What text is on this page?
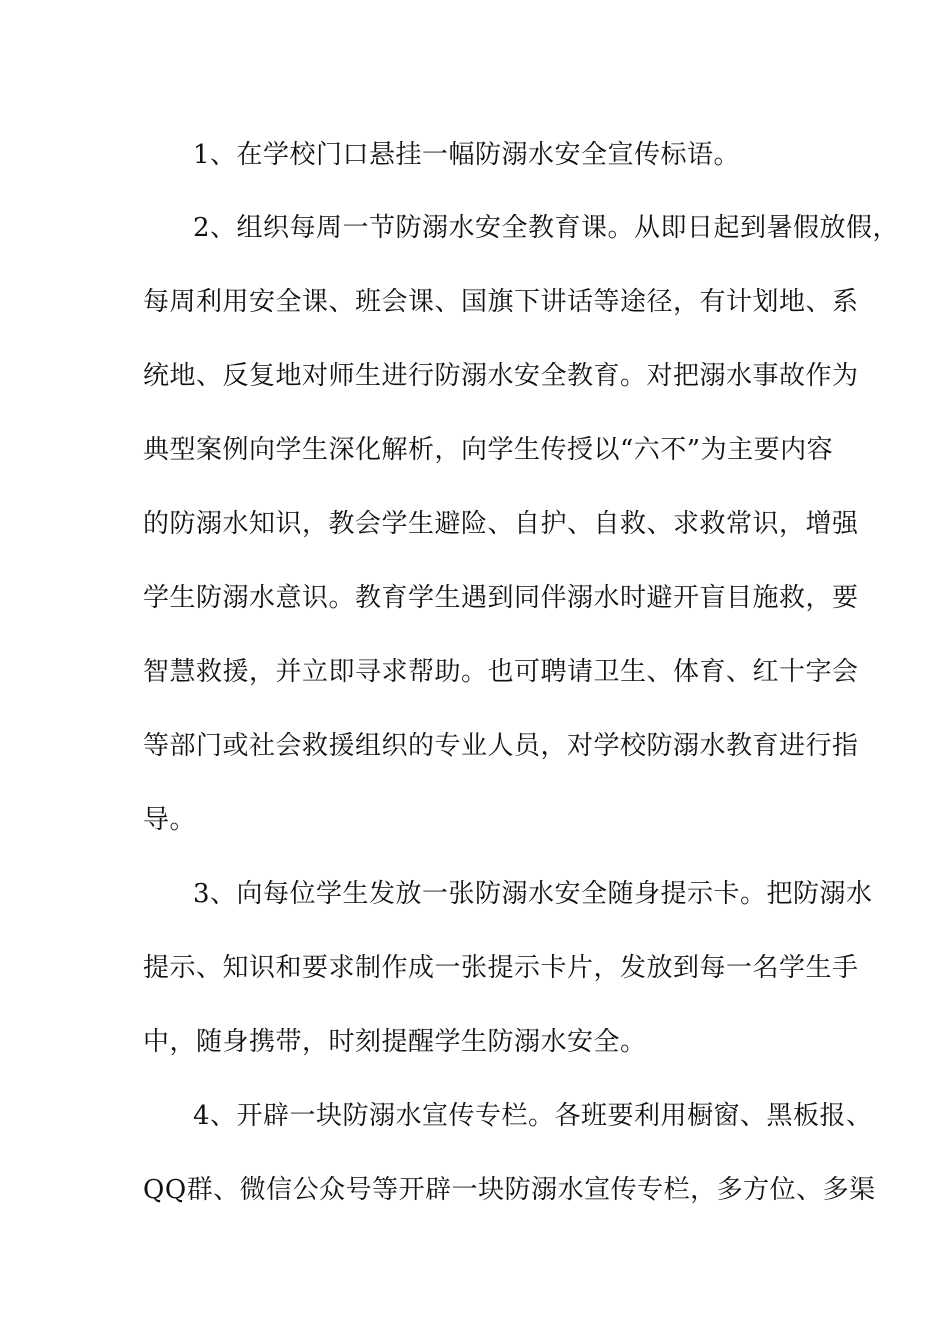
1、在学校门口悬挂一幅防溺水安全宣传标语。
2、组织每周一节防溺水安全教育课。从即日起到暑假放假，
每周利用安全课、班会课、国旗下讲话等途径，有计划地、系
统地、反复地对师生进行防溺水安全教育。对把溺水事故作为
典型案例向学生深化解析，向学生传授以“六不”为主要内容
的防溺水知识，教会学生避险、自护、自救、求救常识，增强
学生防溺水意识。教育学生遇到同伴溺水时避开盲目施救，要
智慧救援，并立即寻求帮助。也可聘请卫生、体育、红十字会
等部门或社会救援组织的专业人员，对学校防溺水教育进行指
导。
3、向每位学生发放一张防溺水安全随身提示卡。把防溺水
提示、知识和要求制作成一张提示卡片，发放到每一名学生手
中，随身携带，时刻提醒学生防溺水安全。
4、开辟一块防溺水宣传专栏。各班要利用橱窗、黑板报、
QQ群、微信公众号等开辟一块防溺水宣传专栏，多方位、多渠
